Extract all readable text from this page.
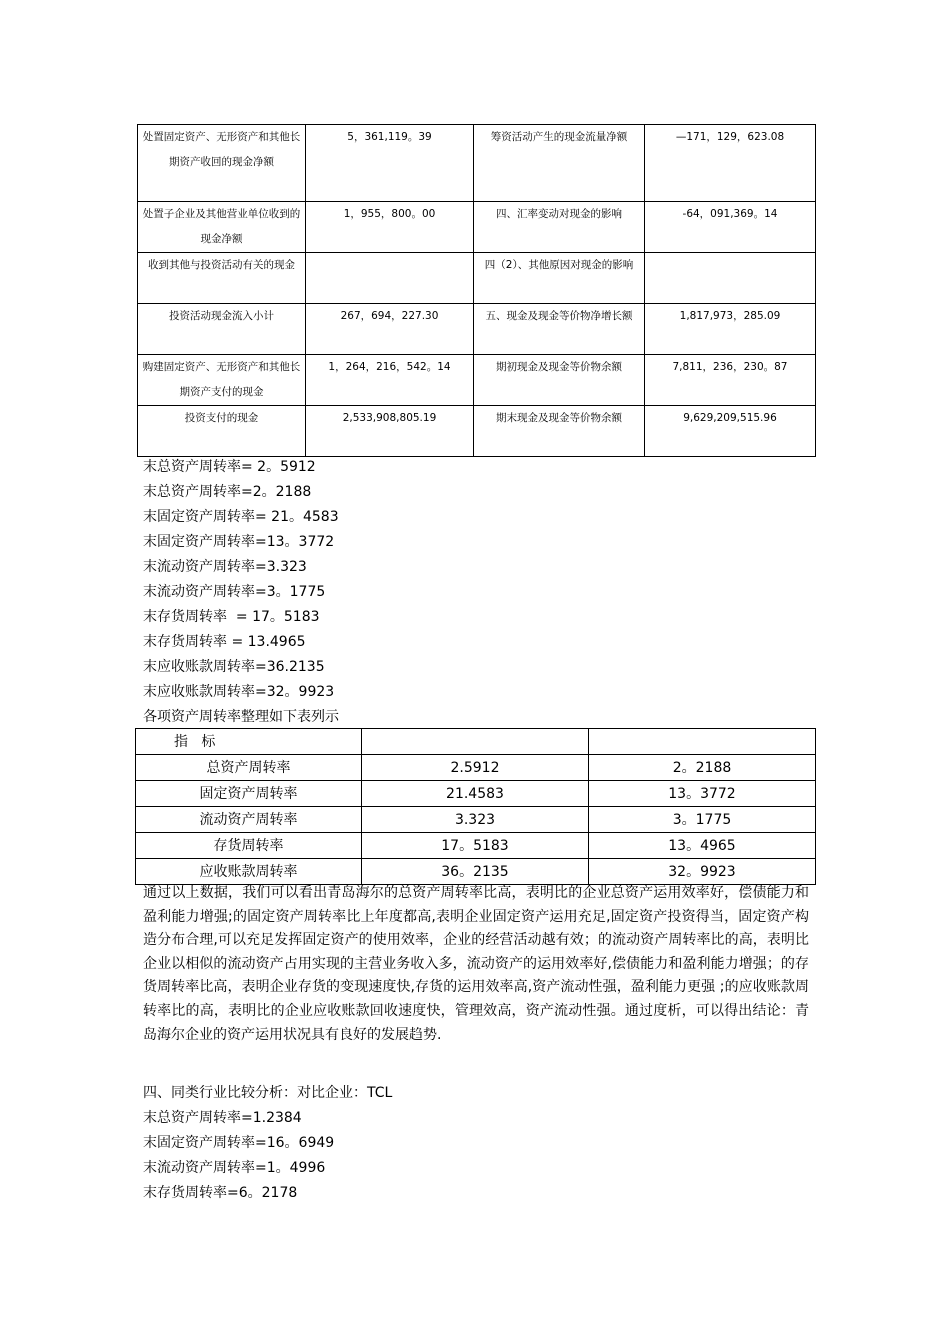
处置固定资产、无形资产和其他长期资产收回的现金净额	5，361,119。39	筹资活动产生的现金流量净额	—171，129，623.08
处置子企业及其他营业单位收到的现金净额	1，955，800。00	四、汇率变动对现金的影响	-64，091,369。14
收到其他与投资活动有关的现金		四（2）、其他原因对现金的影响	
投资活动现金流入小计	267，694，227.30	五、现金及现金等价物净增长额	1,817,973，285.09
购建固定资产、无形资产和其他长期资产支付的现金	1，264，216，542。14	期初现金及现金等价物余额	7,811，236，230。87
投资支付的现金	2,533,908,805.19	期末现金及现金等价物余额	9,629,209,515.96
末总资产周转率= 2。5912
末总资产周转率=2。2188
末固定资产周转率= 21。4583
末固定资产周转率=13。3772
末流动资产周转率=3.323
末流动资产周转率=3。1775
末存货周转率  = 17。5183
末存货周转率 = 13.4965
末应收账款周转率=36.2135
末应收账款周转率=32。9923
各项资产周转率整理如下表列示
指   标		
总资产周转率	2.5912	2。2188
固定资产周转率	21.4583	13。3772
流动资产周转率	3.323	3。1775
存货周转率	17。5183	13。4965
应收账款周转率	36。2135	32。9923
通过以上数据，我们可以看出青岛海尔的总资产周转率比高，表明比的企业总资产运用效率好，偿债能力和盈利能力增强;的固定资产周转率比上年度都高,表明企业固定资产运用充足,固定资产投资得当，固定资产构造分布合理,可以充足发挥固定资产的使用效率，企业的经营活动越有效；的流动资产周转率比的高，表明比企业以相似的流动资产占用实现的主营业务收入多，流动资产的运用效率好,偿债能力和盈利能力增强；的存货周转率比高，表明企业存货的变现速度快,存货的运用效率高,资产流动性强，盈利能力更强 ;的应收账款周转率比的高，表明比的企业应收账款回收速度快，管理效高，资产流动性强。通过度析，可以得出结论：青岛海尔企业的资产运用状况具有良好的发展趋势.
四、同类行业比较分析：对比企业：TCL
末总资产周转率=1.2384
末固定资产周转率=16。6949
末流动资产周转率=1。4996
末存货周转率=6。2178
